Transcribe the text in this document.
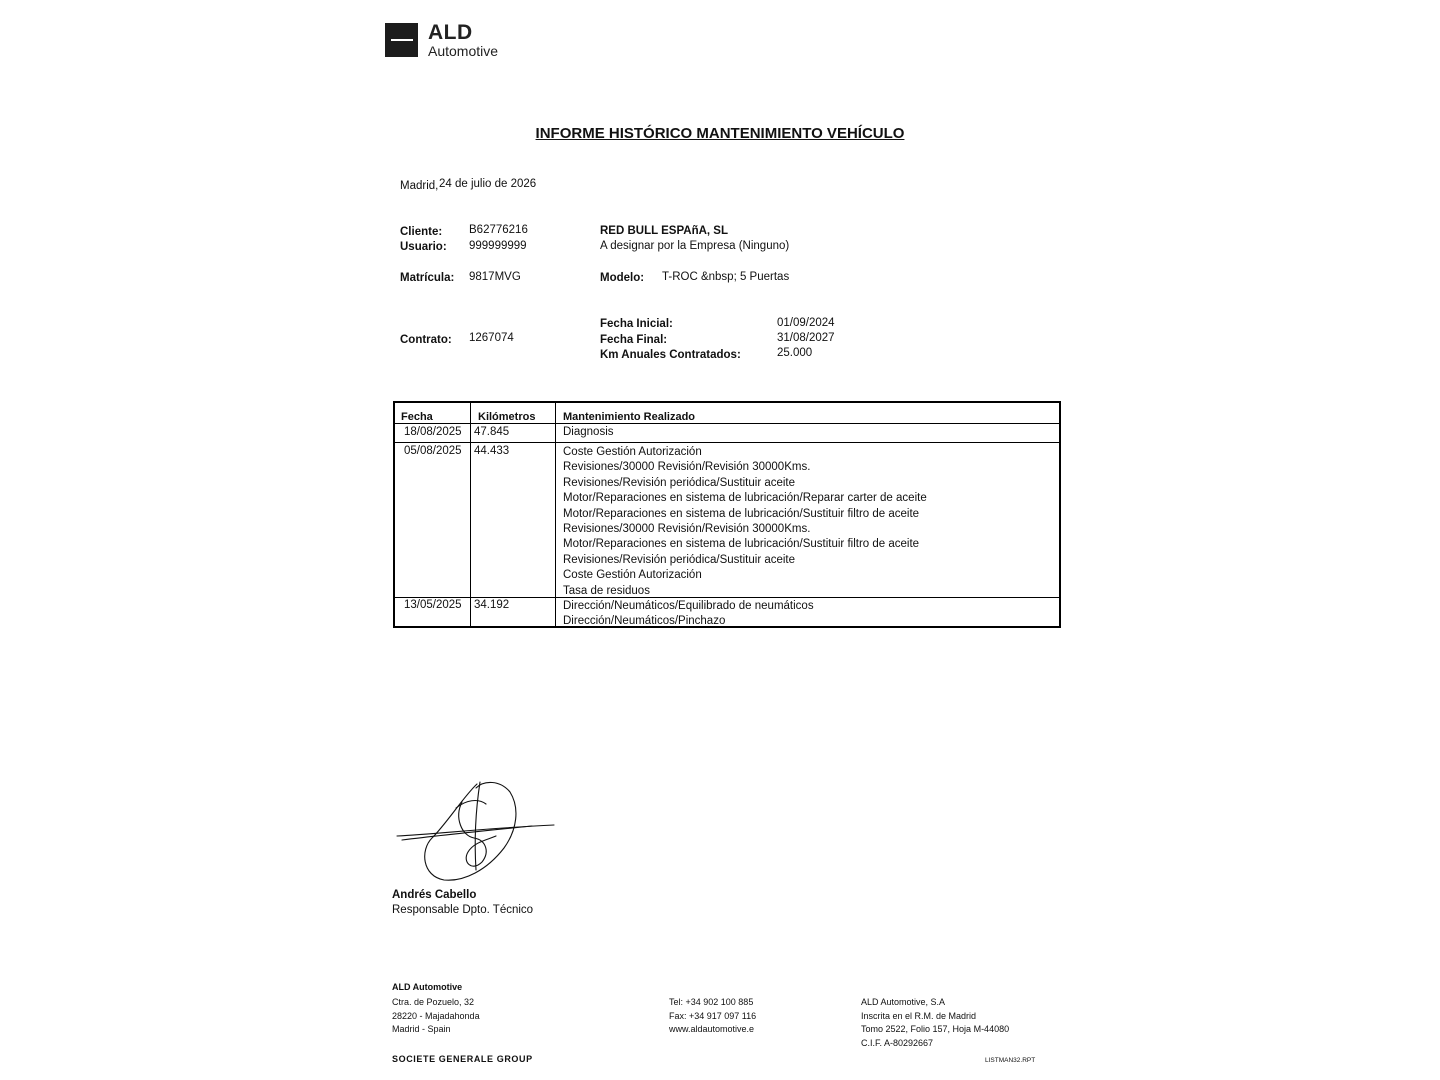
ALD
Automotive
INFORME HISTÓRICO MANTENIMIENTO VEHÍCULO
Madrid, 24 de julio de 2026
Cliente: B62776216	RED BULL ESPAñA, SL
Usuario: 999999999	A designar por la Empresa (Ninguno)
Matrícula: 9817MVG	Modelo: T-ROC &nbsp; 5 Puertas
Fecha Inicial:	01/09/2024
Contrato: 1267074	Fecha Final:	31/08/2027
Km Anuales Contratados:	25.000
Fecha	Kilómetros	Mantenimiento Realizado
18/08/2025 47.845	Diagnosis
05/08/2025 44.433	Coste Gestión Autorización
Revisiones/30000 Revisión/Revisión 30000Kms.
Revisiones/Revisión periódica/Sustituir aceite
Motor/Reparaciones en sistema de lubricación/Reparar carter de aceite
Motor/Reparaciones en sistema de lubricación/Sustituir filtro de aceite
Revisiones/30000 Revisión/Revisión 30000Kms.
Motor/Reparaciones en sistema de lubricación/Sustituir filtro de aceite
Revisiones/Revisión periódica/Sustituir aceite
Coste Gestión Autorización
Tasa de residuos
13/05/2025 34.192	Dirección/Neumáticos/Equilibrado de neumáticos
Dirección/Neumáticos/Pinchazo
Andrés Cabello
Responsable Dpto. Técnico
ALD Automotive
Ctra. de Pozuelo, 32
28220 - Majadahonda
Madrid - Spain
Tel: +34 902 100 885
Fax: +34 917 097 116
www.aldautomotive.e
ALD Automotive, S.A
Inscrita en el R.M. de Madrid
Tomo 2522, Folio 157, Hoja M-44080
C.I.F. A-80292667
SOCIETE GENERALE GROUP	LISTMAN32.RPT
